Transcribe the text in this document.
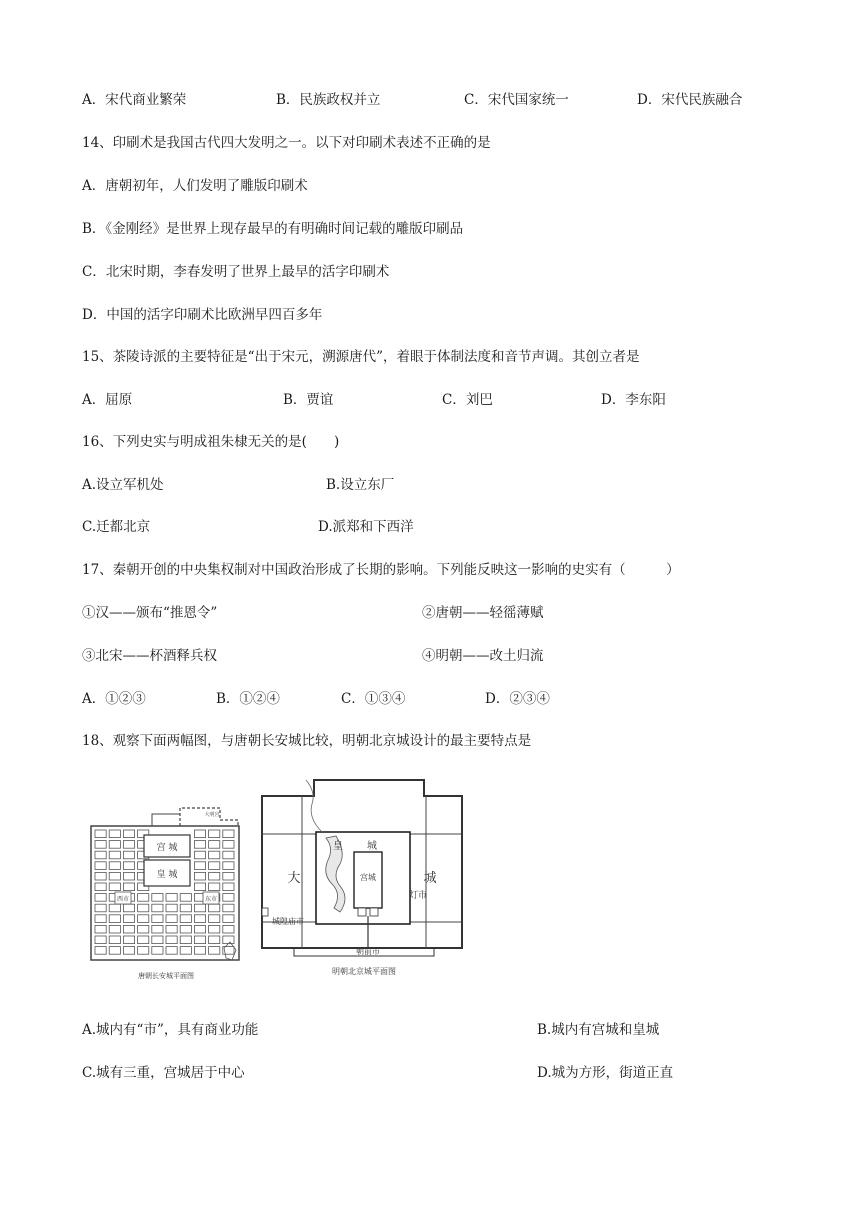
A．宋代商业繁荣	B．民族政权并立	C．宋代国家统一	D．宋代民族融合
14、印刷术是我国古代四大发明之一。以下对印刷术表述不正确的是
A．唐朝初年，人们发明了雕版印刷术
B．《金刚经》是世界上现存最早的有明确时间记载的雕版印刷品
C．北宋时期，李春发明了世界上最早的活字印刷术
D．中国的活字印刷术比欧洲早四百多年
15、茶陵诗派的主要特征是“出于宋元，溯源唐代”，着眼于体制法度和音节声调。其创立者是
A．屈原	B．贾谊	C．刘巴	D．李东阳
16、下列史实与明成祖朱棣无关的是(　　)
A.设立军机处	B.设立东厂
C.迁都北京	D.派郑和下西洋
17、秦朝开创的中央集权制对中国政治形成了长期的影响。下列能反映这一影响的史实有（　　　）
①汉——颁布“推恩令”	②唐朝——轻徭薄赋
③北宋——杯酒释兵权	④明朝——改土归流
A．①②③	B．①②④	C．①③④	D．②③④
18、观察下面两幅图，与唐朝长安城比较，明朝北京城设计的最主要特点是
宫 城
皇 城
西市	东市
大明宫
唐朝长安城平面图
皇 城
宫城
大	城
灯市
城隍庙市
朝前市
明朝北京城平面图
A.城内有“市”，具有商业功能	B.城内有宫城和皇城
C.城有三重，宫城居于中心	D.城为方形，街道正直
